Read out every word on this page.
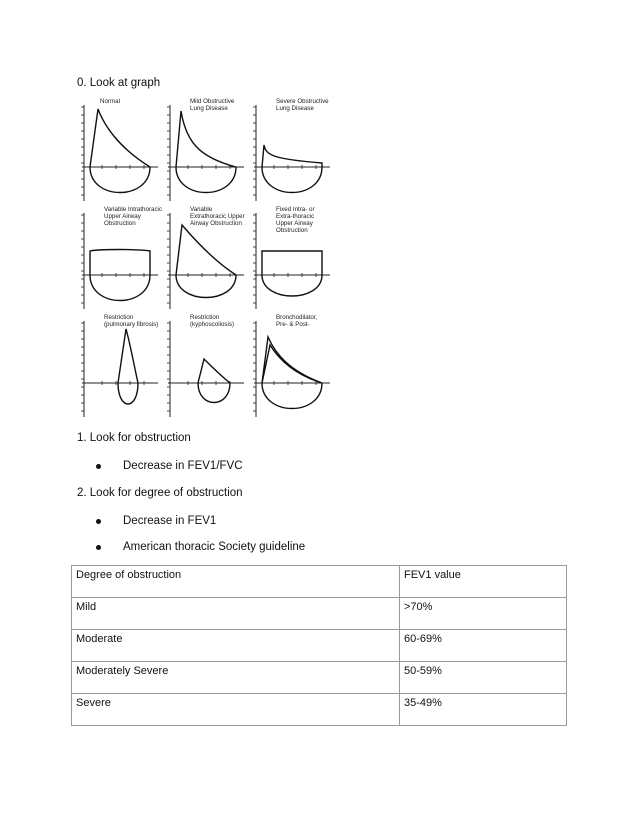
0. Look at graph
Normal	Mild Obstructive
Lung Disease
Severe Obstructive
Lung Disease
Variable Intrathoracic
Upper Airway
Obstruction
Variable
Extrathoracic Upper
Airway Obstruction
Fixed Intra- or
Extra-thoracic
Upper Airway
Obstruction
Restriction
(pulmonary fibrosis)
Restriction
(kyphoscoliosis)
Bronchodilator,
Pre- & Post-
1. Look for obstruction
Decrease in FEV1/FVC
2. Look for degree of obstruction
Decrease in FEV1
American thoracic Society guideline
Degree of obstruction	FEV1 value
Mild	>70%
Moderate	60-69%
Moderately Severe	50-59%
Severe	35-49%
